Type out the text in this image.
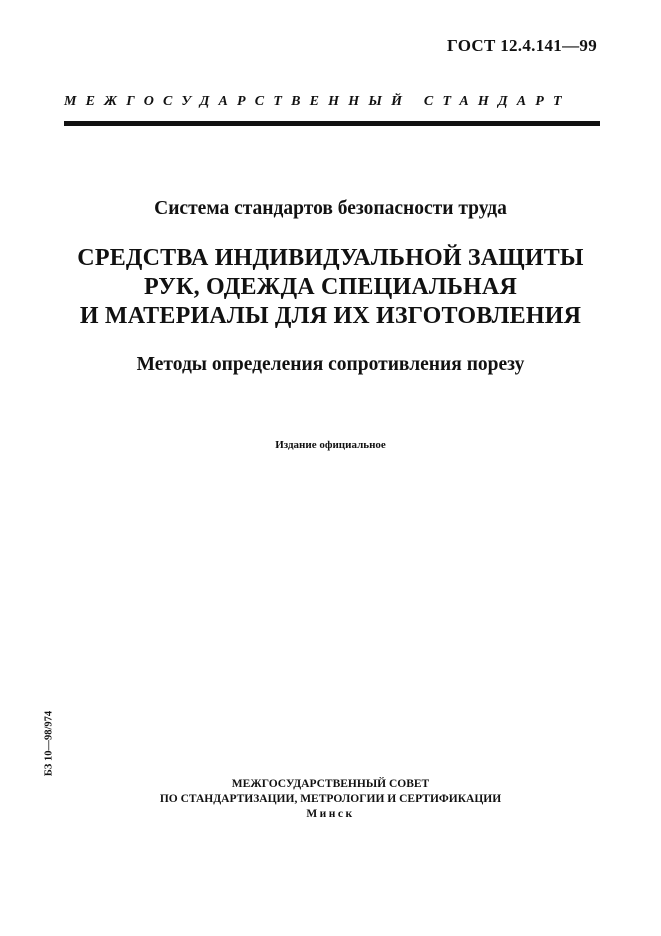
ГОСТ 12.4.141—99
МЕЖГОСУДАРСТВЕННЫЙ СТАНДАРТ
Система стандартов безопасности труда
СРЕДСТВА ИНДИВИДУАЛЬНОЙ ЗАЩИТЫ
РУК, ОДЕЖДА СПЕЦИАЛЬНАЯ
И МАТЕРИАЛЫ ДЛЯ ИХ ИЗГОТОВЛЕНИЯ
Методы определения сопротивления порезу
Издание официальное
БЗ 10—98/974
МЕЖГОСУДАРСТВЕННЫЙ СОВЕТ
ПО СТАНДАРТИЗАЦИИ, МЕТРОЛОГИИ И СЕРТИФИКАЦИИ
Минск
